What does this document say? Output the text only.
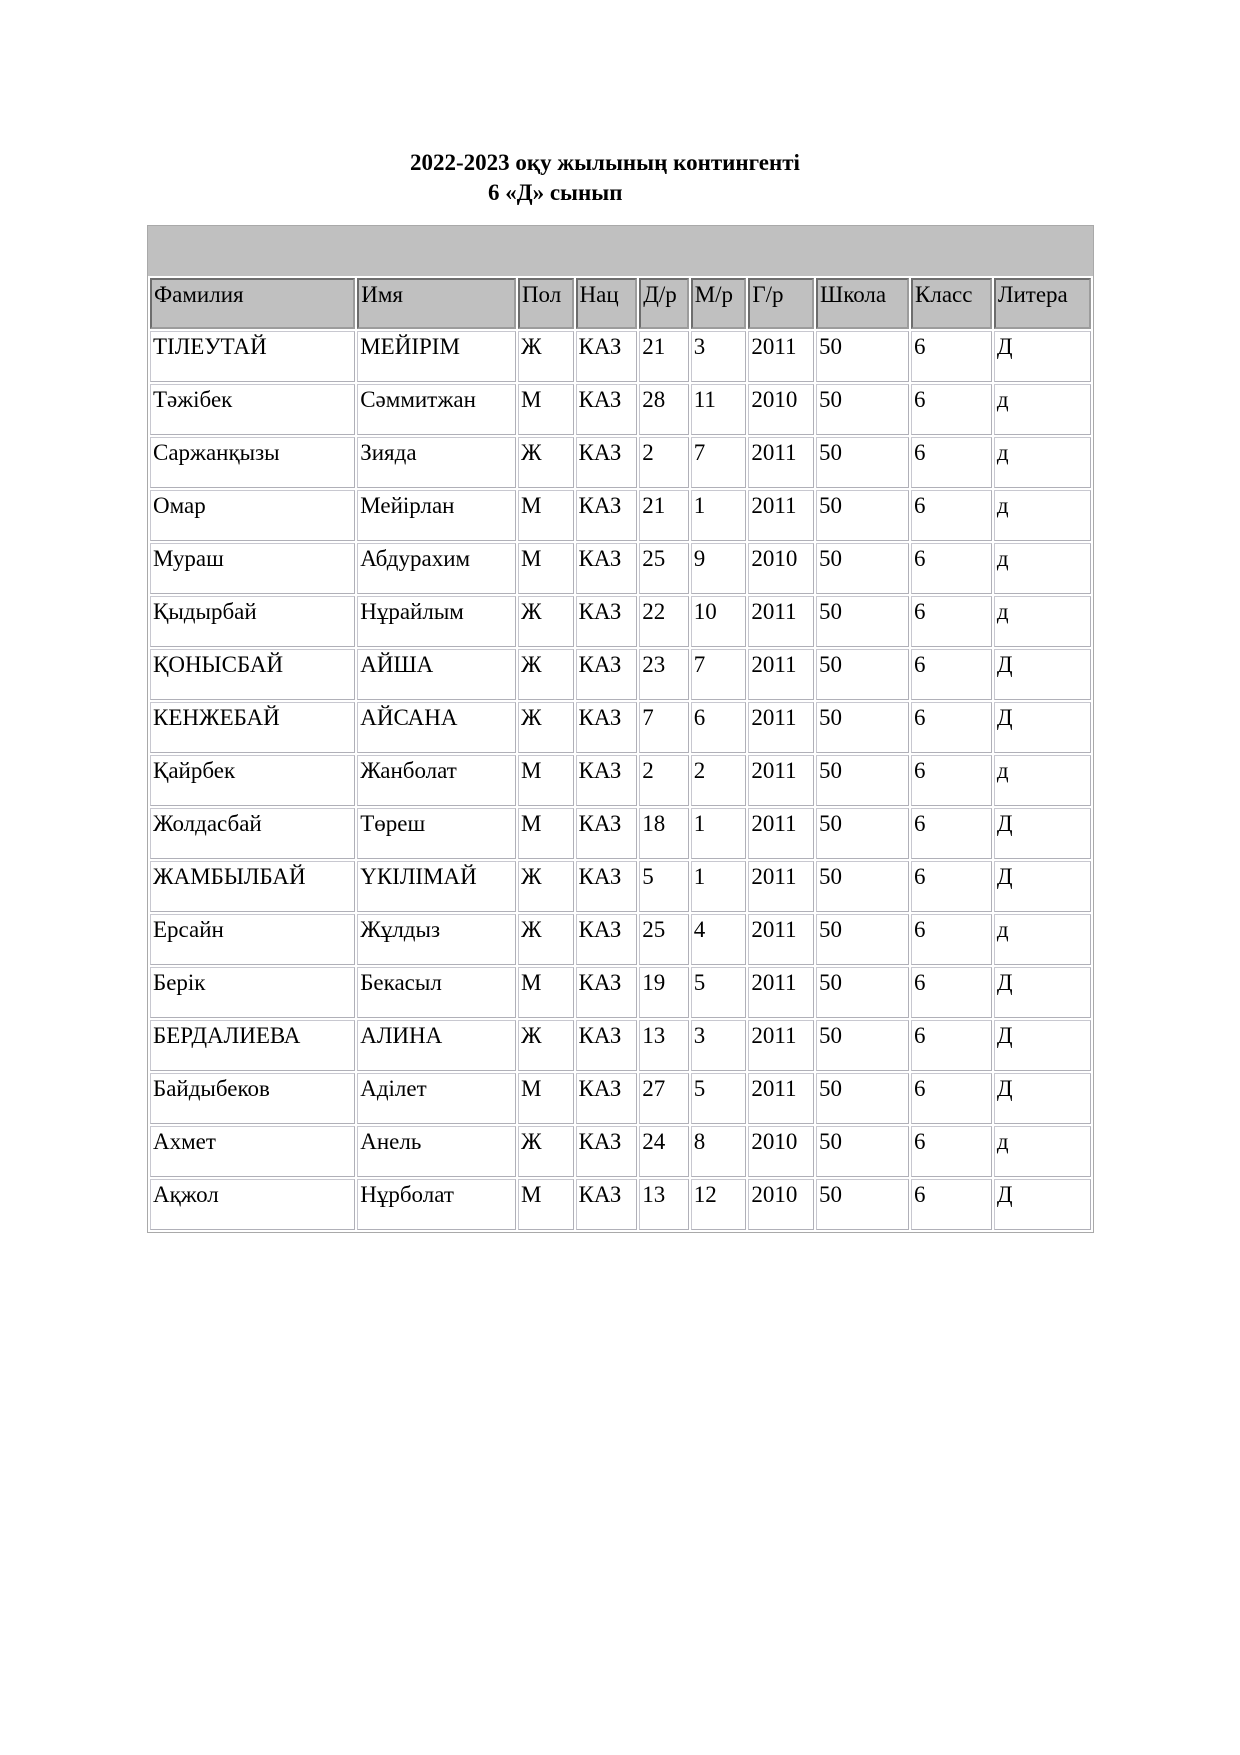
2022-2023 оқу жылының контингенті
6 «Д» сынып
Фамилия	Имя	Пол	Нац	Д/р	М/р	Г/р	Школа	Класс	Литера
ТІЛЕУТАЙ	МЕЙІРІМ	Ж	КАЗ	21	3	2011	50	6	Д
Тәжібек	Сәммитжан	М	КАЗ	28	11	2010	50	6	д
Саржанқызы	Зияда	Ж	КАЗ	2	7	2011	50	6	д
Омар	Мейірлан	М	КАЗ	21	1	2011	50	6	д
Мураш	Абдурахим	М	КАЗ	25	9	2010	50	6	д
Қыдырбай	Нұрайлым	Ж	КАЗ	22	10	2011	50	6	д
ҚОНЫСБАЙ	АЙША	Ж	КАЗ	23	7	2011	50	6	Д
КЕНЖЕБАЙ	АЙСАНА	Ж	КАЗ	7	6	2011	50	6	Д
Қайрбек	Жанболат	М	КАЗ	2	2	2011	50	6	д
Жолдасбай	Төреш	М	КАЗ	18	1	2011	50	6	Д
ЖАМБЫЛБАЙ	ҮКІЛІМАЙ	Ж	КАЗ	5	1	2011	50	6	Д
Ерсайн	Жұлдыз	Ж	КАЗ	25	4	2011	50	6	д
Берік	Бекасыл	М	КАЗ	19	5	2011	50	6	Д
БЕРДАЛИЕВА	АЛИНА	Ж	КАЗ	13	3	2011	50	6	Д
Байдыбеков	Аділет	М	КАЗ	27	5	2011	50	6	Д
Ахмет	Анель	Ж	КАЗ	24	8	2010	50	6	д
Ақжол	Нұрболат	М	КАЗ	13	12	2010	50	6	Д
